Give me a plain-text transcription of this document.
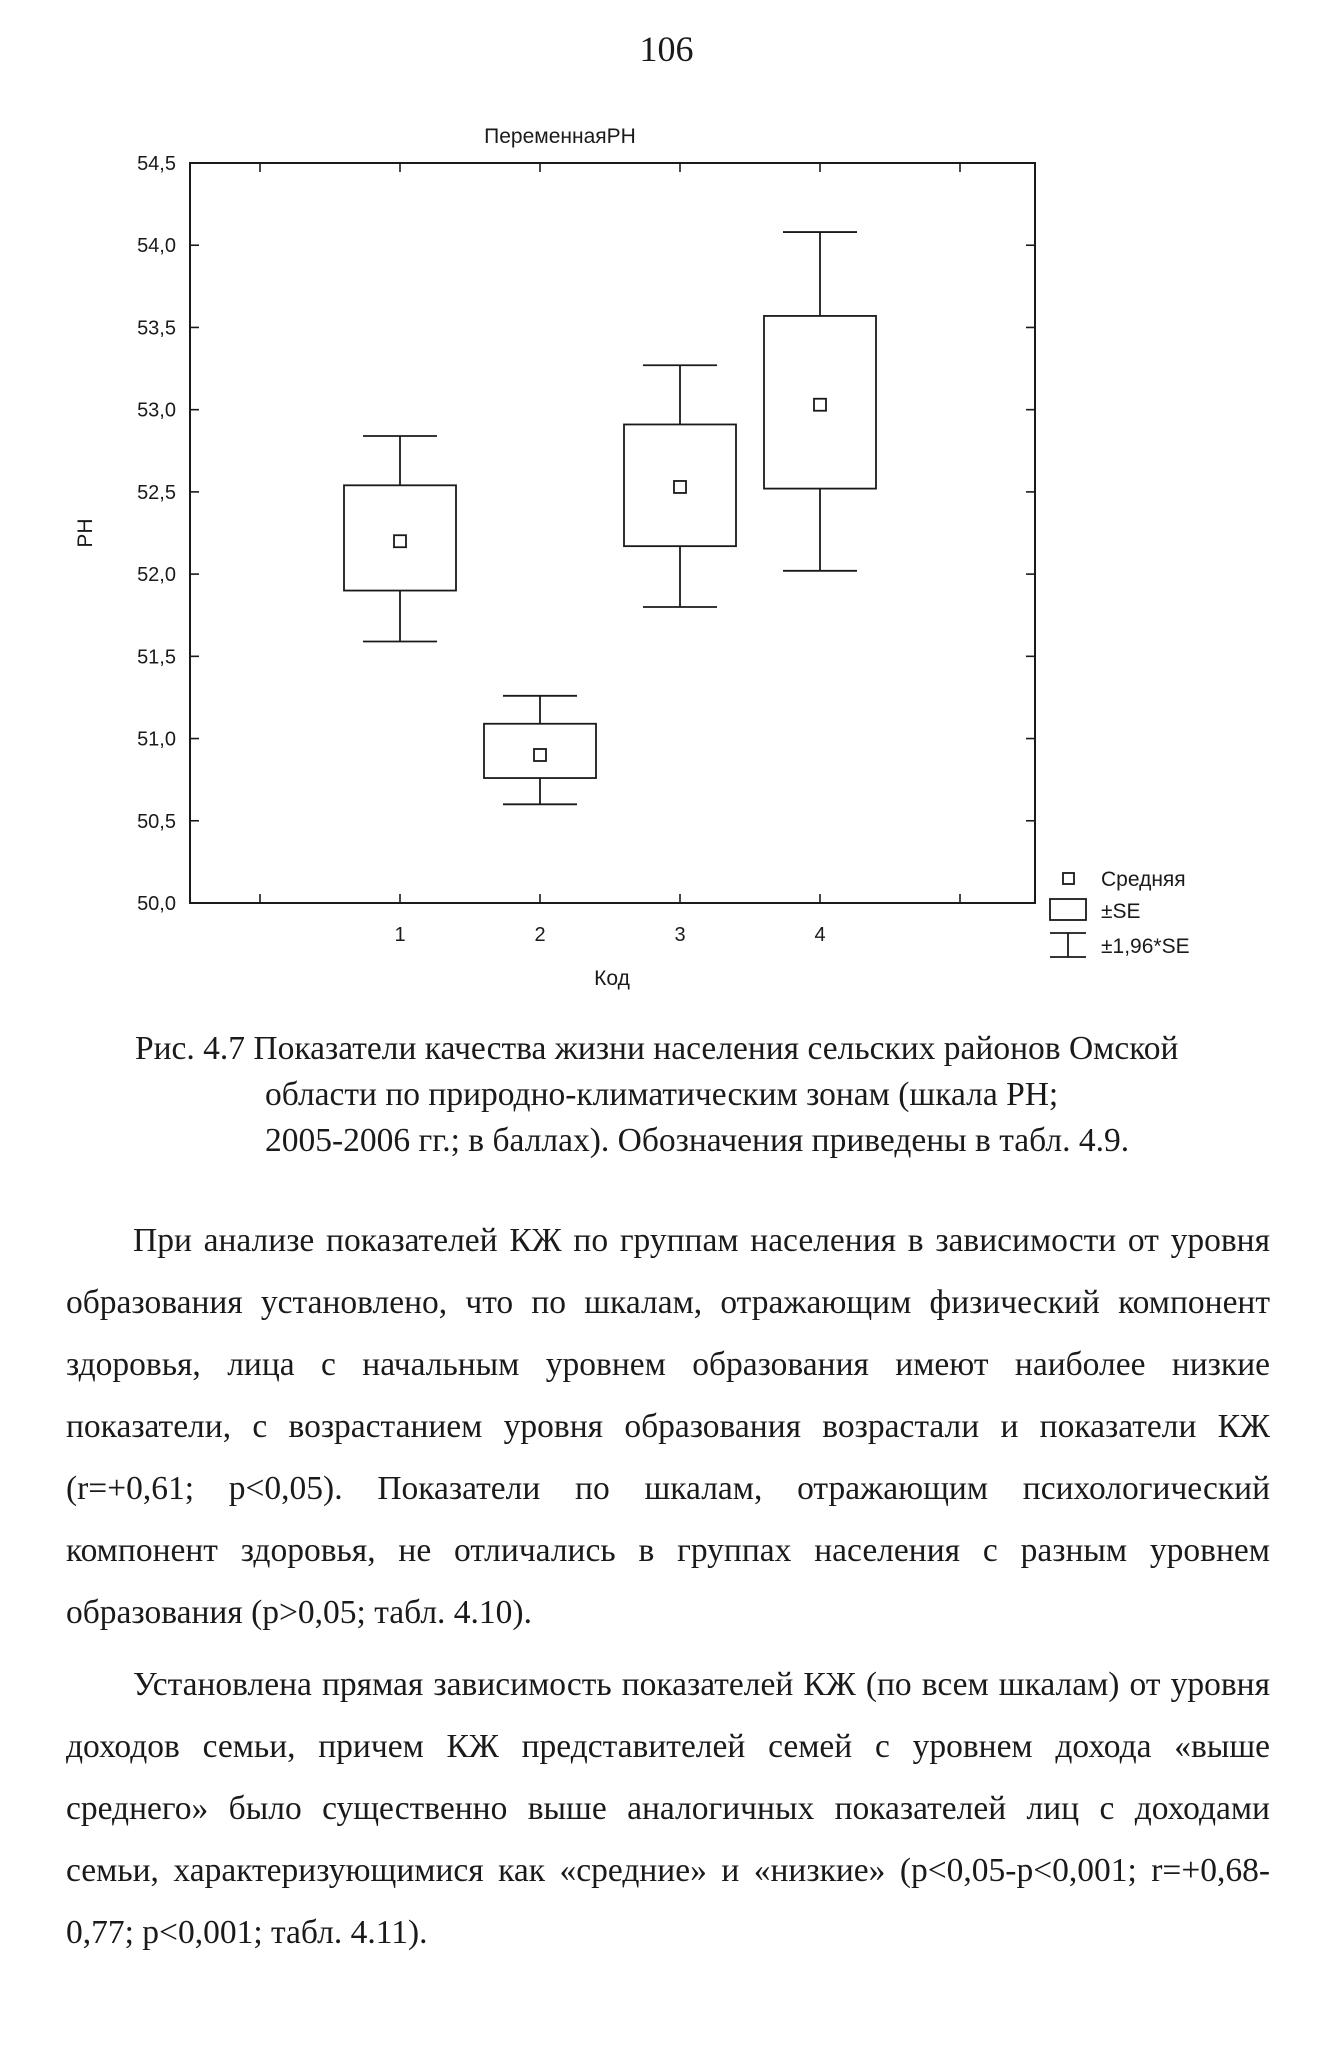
106
ПеременнаяРН
50,0
50,5
51,0
51,5
52,0
52,5
53,0
53,5
54,0
54,5
1	2	3	4
РН
Код
Средняя
±SE
±1,96*SE
Рис. 4.7 Показатели качества жизни населения сельских районов Омской
области по природно-климатическим зонам (шкала РН;
2005-2006 гг.; в баллах). Обозначения приведены в табл. 4.9.

При анализе показателей КЖ по группам населения в зависимости от уровня образования установлено, что по шкалам, отражающим физический компонент здоровья, лица с начальным уровнем образования имеют наиболее низкие показатели, с возрастанием уровня образования возрастали и показатели КЖ (r=+0,61; p<0,05). Показатели по шкалам, отражающим психологический компонент здоровья, не отличались в группах населения с разным уровнем образования (p>0,05; табл. 4.10).

Установлена прямая зависимость показателей КЖ (по всем шкалам) от уровня доходов семьи, причем КЖ представителей семей с уровнем дохода «выше среднего» было существенно выше аналогичных показателей лиц с доходами семьи, характеризующимися как «средние» и «низкие» (p<0,05-p<0,001; r=+0,68-0,77; p<0,001; табл. 4.11).
